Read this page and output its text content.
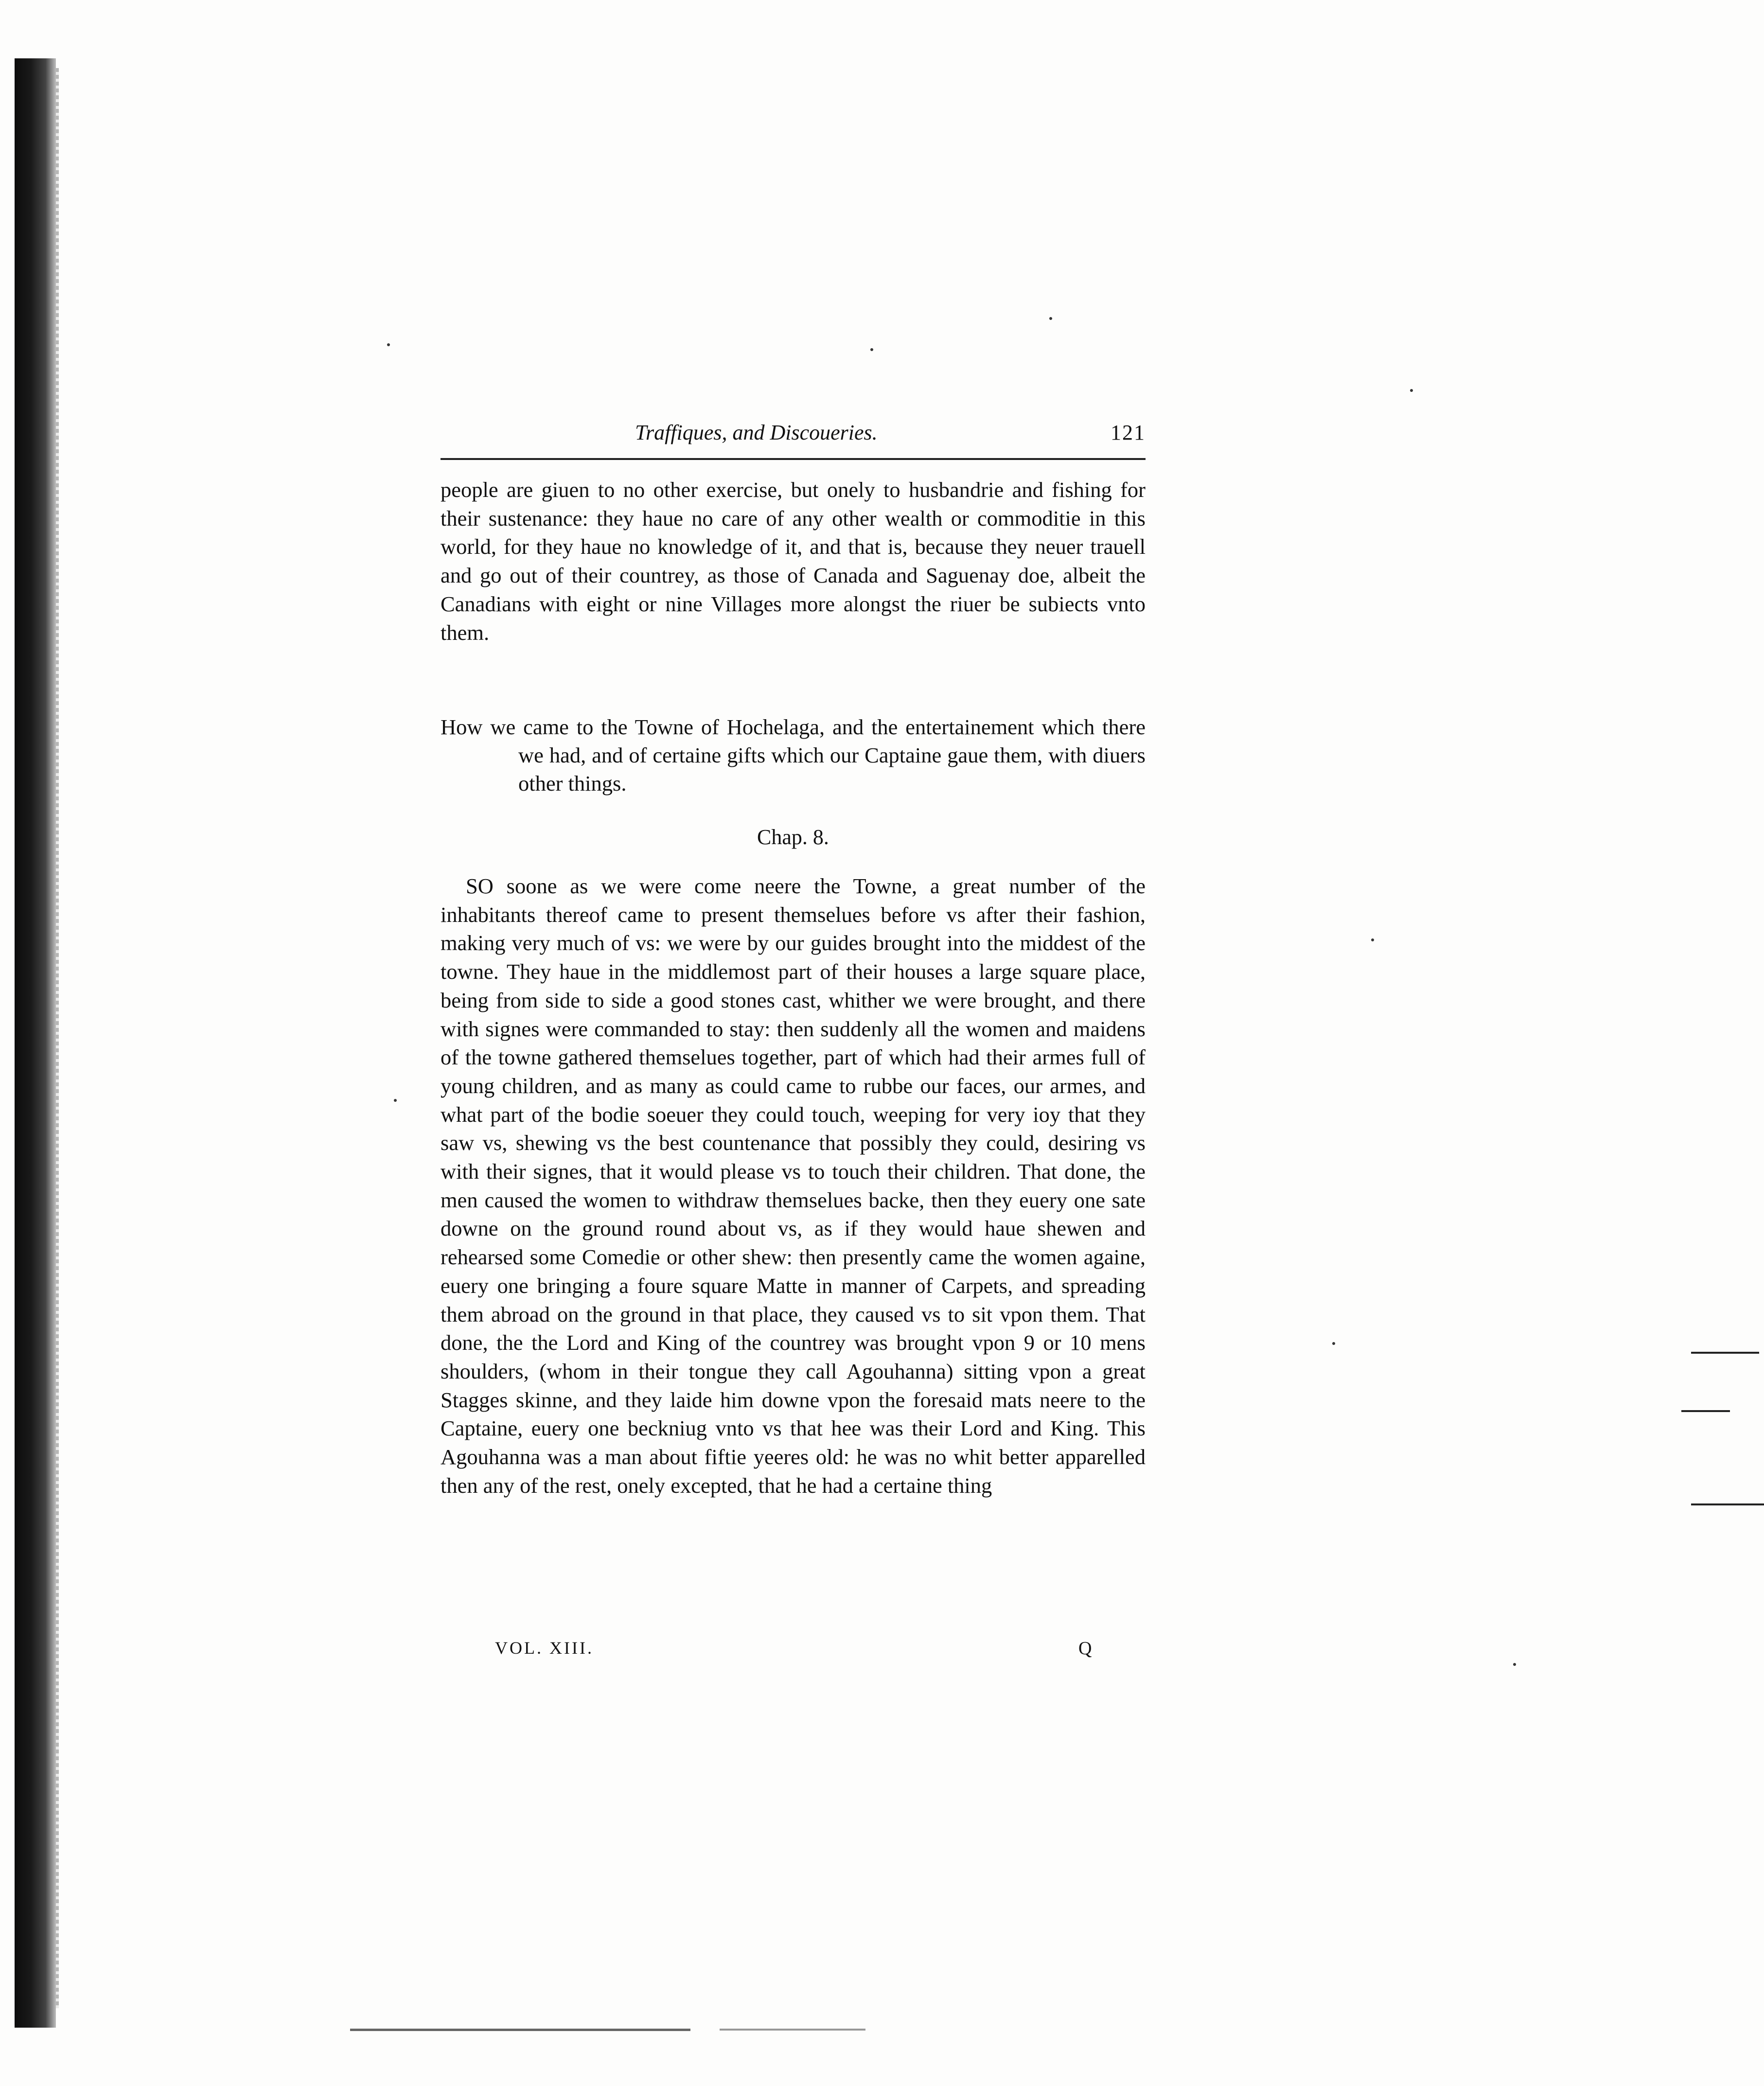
Traffiques, and Discoueries.	121

people are giuen to no other exercise, but onely to husbandrie and fishing for their sustenance: they haue no care of any other wealth or commoditie in this world, for they haue no knowledge of it, and that is, because they neuer trauell and go out of their countrey, as those of Canada and Saguenay doe, albeit the Canadians with eight or nine Villages more alongst the riuer be subiects vnto them.

How we came to the Towne of Hochelaga, and the entertainement which there we had, and of certaine gifts which our Captaine gaue them, with diuers other things.

Chap. 8.

SO soone as we were come neere the Towne, a great number of the inhabitants thereof came to present themselues before vs after their fashion, making very much of vs: we were by our guides brought into the middest of the towne. They haue in the middlemost part of their houses a large square place, being from side to side a good stones cast, whither we were brought, and there with signes were commanded to stay: then suddenly all the women and maidens of the towne gathered themselues together, part of which had their armes full of young children, and as many as could came to rubbe our faces, our armes, and what part of the bodie soeuer they could touch, weeping for very ioy that they saw vs, shewing vs the best countenance that possibly they could, desiring vs with their signes, that it would please vs to touch their children. That done, the men caused the women to withdraw themselues backe, then they euery one sate downe on the ground round about vs, as if they would haue shewen and rehearsed some Comedie or other shew: then presently came the women againe, euery one bringing a foure square Matte in manner of Carpets, and spreading them abroad on the ground in that place, they caused vs to sit vpon them. That done, the the Lord and King of the countrey was brought vpon 9 or 10 mens shoulders, (whom in their tongue they call Agouhanna) sitting vpon a great Stagges skinne, and they laide him downe vpon the foresaid mats neere to the Captaine, euery one beckniug vnto vs that hee was their Lord and King. This Agouhanna was a man about fiftie yeeres old: he was no whit better apparelled then any of the rest, onely excepted, that he had a certaine thing

VOL. XIII.	Q
